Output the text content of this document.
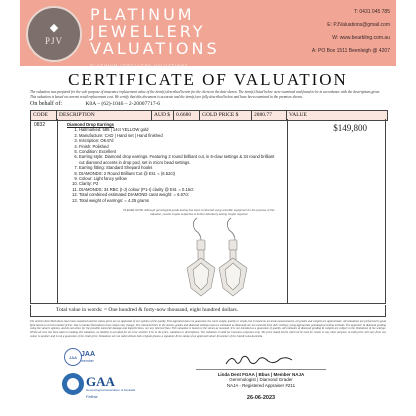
◆
PJV
PLATINUM
JEWELLERY
VALUATIONS
PLATINUM JEWELLERY VALUATIONS
T: 0431 045 785
E: PJValuations@gmail.com
W: www.bearbling.com.au
A: PO Box 1511 Beenleigh @ 4207
CERTIFICATE OF VALUATION
The valuation was prepared for the sole purpose of insurance replacement value of the item(s) described herein for the client on the date shown. The item(s) listed below were examined and found to be in accordance with the descriptions given. This valuation is based on current retail replacement cost. We certify that this document is accurate and the item(s) are fully described below and have been examined in the premises shown.
On behalf of:	K0A – (62)-1046 – 2-20007717-6
CODE	DESCRIPTION	AUD $	0.6680	GOLD PRICE $	2880.77	VALUE
0832	Diamond Drop Earrings
1. Hallmarked: 585 | 14ct YELLOW gold
2. Manufacture: CAD | Hand set | Hand finished
3. Inscription: OK47d
4. Finish: Polished
5. Condition: Excellent
6. Earring style: Diamond drop earrings. Featuring 2 round brilliant cut, in 6-claw settings & 34 round brilliant cut diamond accents in drop pod, set in micro bead settings.
7. Earring fitting: Standard Shepard hooks
8. DIAMONDS: 2 Round Brilliant Cut @ Est. = (6.52ct)
9. Colour: Light fancy yellow
10. Clarity: P2
11. DIAMONDS: 34 RBC (I-J) colour (P1-I) clarity @ Est. = 0.15ct
12. Total combined estimated DIAMOND carat weight: = 6.67ct
13. Total weight of earrings: = 4.25 grams
$149,800
PLEASE NOTE: Although gemological grade testing has been conducted using scientific equipment for the purpose of this valuation, results maybe subjective & further laboratory testing maybe required.
Total value in words: = One hundred & forty-now thousand, eight hundred dollars.
The articles described above have been examined and the values given are an appraisal of our opinion of the quality. This appraisal does not guarantee the carat weight, quality or origin, but is based on accurate measurements, all grades and weights are approximate. All valuations are performed in good faith based on current market prices. Due to market fluctuations these values may change. The characteristics in the metals, grades and diamond settings used are estimated as diamonds are not removed from their settings; using appropriate gemological testing methods. The appraiser & diamond grading using the valuers opinion, and do not allow for the possible meteorite damage and imperfections, nor any inherent flaw. This valuation is based on the stones as mounted. It is not intended as a guarantee of quality. All estimates of diamond grading & weights are subject to the limitations of the settings. Whilst all care has been taken in making this valuation, no liability is accepted for an error whether it be in the price, valuation or descriptions. The valuation is valid for insurance purposes only. The price stated herein shall not be used for resale or any other purpose. A retail price will vary from one valuer to another and is not a guarantee of the retail price. Valuations are not valid without both original photos, a signature & the stamp of an approved valuer & member of the JAA & GAA Australia.
JAA JAA
member
GAA
Gemmological Association of Australia
Fellow
Linda Dent FGAA | Bbus | Member NAJA
Gemmologist | Diamond Grader
NAJA - Registered Appraiser #211
26-06-2023
